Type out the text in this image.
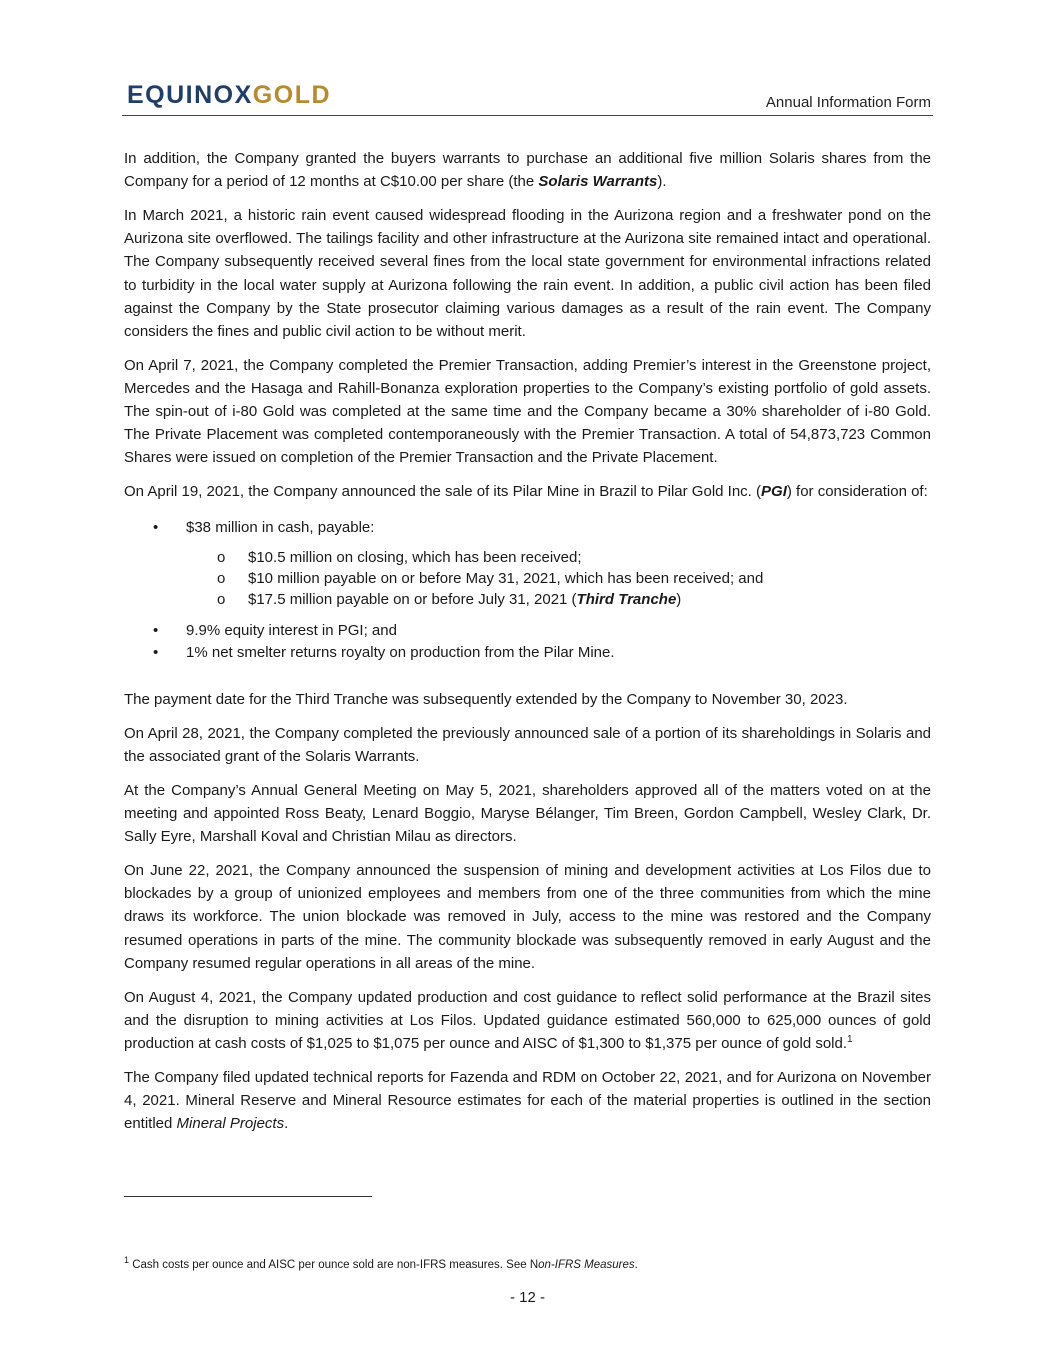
EQUINOXGOLD	Annual Information Form

In addition, the Company granted the buyers warrants to purchase an additional five million Solaris shares from the Company for a period of 12 months at C$10.00 per share (the Solaris Warrants).

In March 2021, a historic rain event caused widespread flooding in the Aurizona region and a freshwater pond on the Aurizona site overflowed. The tailings facility and other infrastructure at the Aurizona site remained intact and operational. The Company subsequently received several fines from the local state government for environmental infractions related to turbidity in the local water supply at Aurizona following the rain event. In addition, a public civil action has been filed against the Company by the State prosecutor claiming various damages as a result of the rain event. The Company considers the fines and public civil action to be without merit.

On April 7, 2021, the Company completed the Premier Transaction, adding Premier’s interest in the Greenstone project, Mercedes and the Hasaga and Rahill-Bonanza exploration properties to the Company’s existing portfolio of gold assets. The spin-out of i-80 Gold was completed at the same time and the Company became a 30% shareholder of i-80 Gold. The Private Placement was completed contemporaneously with the Premier Transaction. A total of 54,873,723 Common Shares were issued on completion of the Premier Transaction and the Private Placement.

On April 19, 2021, the Company announced the sale of its Pilar Mine in Brazil to Pilar Gold Inc. (PGI) for consideration of:

• $38 million in cash, payable:
o $10.5 million on closing, which has been received;
o $10 million payable on or before May 31, 2021, which has been received; and
o $17.5 million payable on or before July 31, 2021 (Third Tranche)
• 9.9% equity interest in PGI; and
• 1% net smelter returns royalty on production from the Pilar Mine.

The payment date for the Third Tranche was subsequently extended by the Company to November 30, 2023.

On April 28, 2021, the Company completed the previously announced sale of a portion of its shareholdings in Solaris and the associated grant of the Solaris Warrants.

At the Company’s Annual General Meeting on May 5, 2021, shareholders approved all of the matters voted on at the meeting and appointed Ross Beaty, Lenard Boggio, Maryse Bélanger, Tim Breen, Gordon Campbell, Wesley Clark, Dr. Sally Eyre, Marshall Koval and Christian Milau as directors.

On June 22, 2021, the Company announced the suspension of mining and development activities at Los Filos due to blockades by a group of unionized employees and members from one of the three communities from which the mine draws its workforce. The union blockade was removed in July, access to the mine was restored and the Company resumed operations in parts of the mine. The community blockade was subsequently removed in early August and the Company resumed regular operations in all areas of the mine.

On August 4, 2021, the Company updated production and cost guidance to reflect solid performance at the Brazil sites and the disruption to mining activities at Los Filos. Updated guidance estimated 560,000 to 625,000 ounces of gold production at cash costs of $1,025 to $1,075 per ounce and AISC of $1,300 to $1,375 per ounce of gold sold.$^1$

The Company filed updated technical reports for Fazenda and RDM on October 22, 2021, and for Aurizona on November 4, 2021. Mineral Reserve and Mineral Resource estimates for each of the material properties is outlined in the section entitled Mineral Projects.

$^1$ Cash costs per ounce and AISC per ounce sold are non-IFRS measures. See Non-IFRS Measures.
- 12 -
